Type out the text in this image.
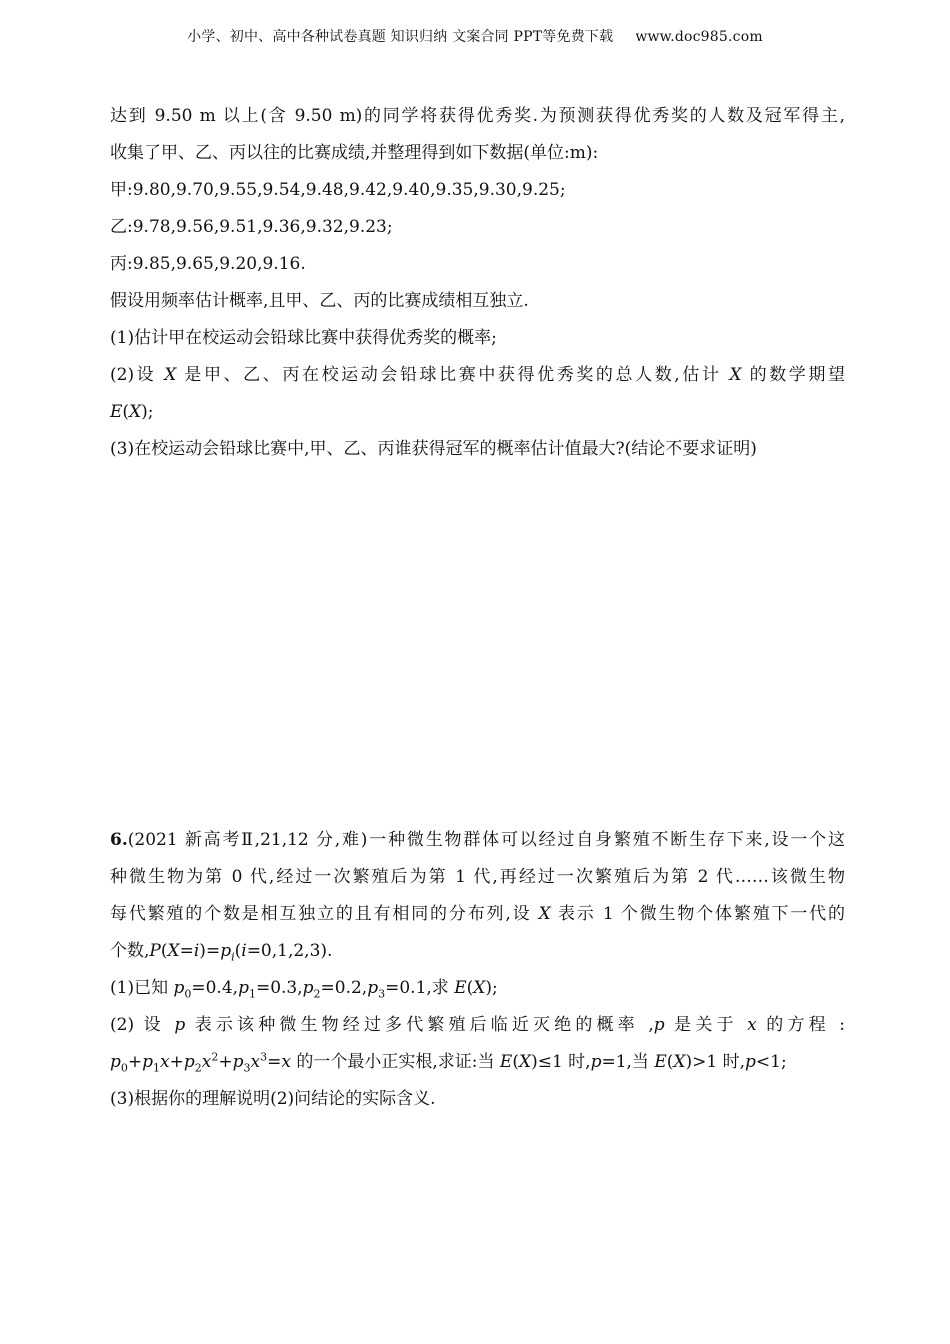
小学、初中、高中各种试卷真题 知识归纳 文案合同 PPT等免费下载 www.doc985.com
达到 9.50 m 以上(含 9.50 m)的同学将获得优秀奖.为预测获得优秀奖的人数及冠军得主,
收集了甲、乙、丙以往的比赛成绩,并整理得到如下数据(单位:m):
甲:9.80,9.70,9.55,9.54,9.48,9.42,9.40,9.35,9.30,9.25;
乙:9.78,9.56,9.51,9.36,9.32,9.23;
丙:9.85,9.65,9.20,9.16.
假设用频率估计概率,且甲、乙、丙的比赛成绩相互独立.
(1)估计甲在校运动会铅球比赛中获得优秀奖的概率;
(2)设 X 是甲、乙、丙在校运动会铅球比赛中获得优秀奖的总人数,估计 X 的数学期望
E(X);
(3)在校运动会铅球比赛中,甲、乙、丙谁获得冠军的概率估计值最大?(结论不要求证明)
6.(2021 新高考Ⅱ,21,12 分,难)一种微生物群体可以经过自身繁殖不断生存下来,设一个这
种微生物为第 0 代,经过一次繁殖后为第 1 代,再经过一次繁殖后为第 2 代……该微生物
每代繁殖的个数是相互独立的且有相同的分布列,设 X 表示 1 个微生物个体繁殖下一代的
个数$,P(X=i)=p_i(i=0,1,2,3)$.
(1)已知 $p_0=0.4,p_1=0.3,p_2=0.2,p_3=0.1$,求 E(X);
(2) 设 p 表示该种微生物经过多代繁殖后临近灭绝的概率 ,p 是关于 x 的方程 :
$p_0+p_1x+p_2x^2+p_3x^3=x$ 的一个最小正实根,求证:当 E(X)≤1 时,p=1,当 E(X)>1 时,p<1;
(3)根据你的理解说明(2)问结论的实际含义.
